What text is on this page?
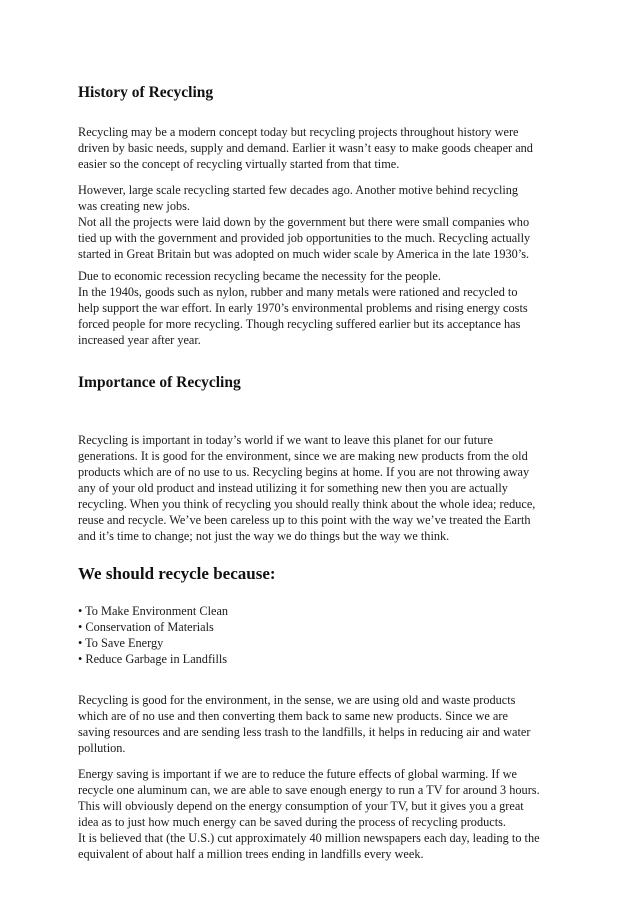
History of Recycling

Recycling may be a modern concept today but recycling projects throughout history were
driven by basic needs, supply and demand. Earlier it wasn’t easy to make goods cheaper and
easier so the concept of recycling virtually started from that time.

However, large scale recycling started few decades ago. Another motive behind recycling
was creating new jobs.
Not all the projects were laid down by the government but there were small companies who
tied up with the government and provided job opportunities to the much. Recycling actually
started in Great Britain but was adopted on much wider scale by America in the late 1930’s.

Due to economic recession recycling became the necessity for the people.
In the 1940s, goods such as nylon, rubber and many metals were rationed and recycled to
help support the war effort. In early 1970’s environmental problems and rising energy costs
forced people for more recycling. Though recycling suffered earlier but its acceptance has
increased year after year.

Importance of Recycling

Recycling is important in today’s world if we want to leave this planet for our future
generations. It is good for the environment, since we are making new products from the old
products which are of no use to us. Recycling begins at home. If you are not throwing away
any of your old product and instead utilizing it for something new then you are actually
recycling. When you think of recycling you should really think about the whole idea; reduce,
reuse and recycle. We’ve been careless up to this point with the way we’ve treated the Earth
and it’s time to change; not just the way we do things but the way we think.

We should recycle because:
• To Make Environment Clean
• Conservation of Materials
• To Save Energy
• Reduce Garbage in Landfills

Recycling is good for the environment, in the sense, we are using old and waste products
which are of no use and then converting them back to same new products. Since we are
saving resources and are sending less trash to the landfills, it helps in reducing air and water
pollution.

Energy saving is important if we are to reduce the future effects of global warming. If we
recycle one aluminum can, we are able to save enough energy to run a TV for around 3 hours.
This will obviously depend on the energy consumption of your TV, but it gives you a great
idea as to just how much energy can be saved during the process of recycling products.
It is believed that (the U.S.) cut approximately 40 million newspapers each day, leading to the
equivalent of about half a million trees ending in landfills every week.
